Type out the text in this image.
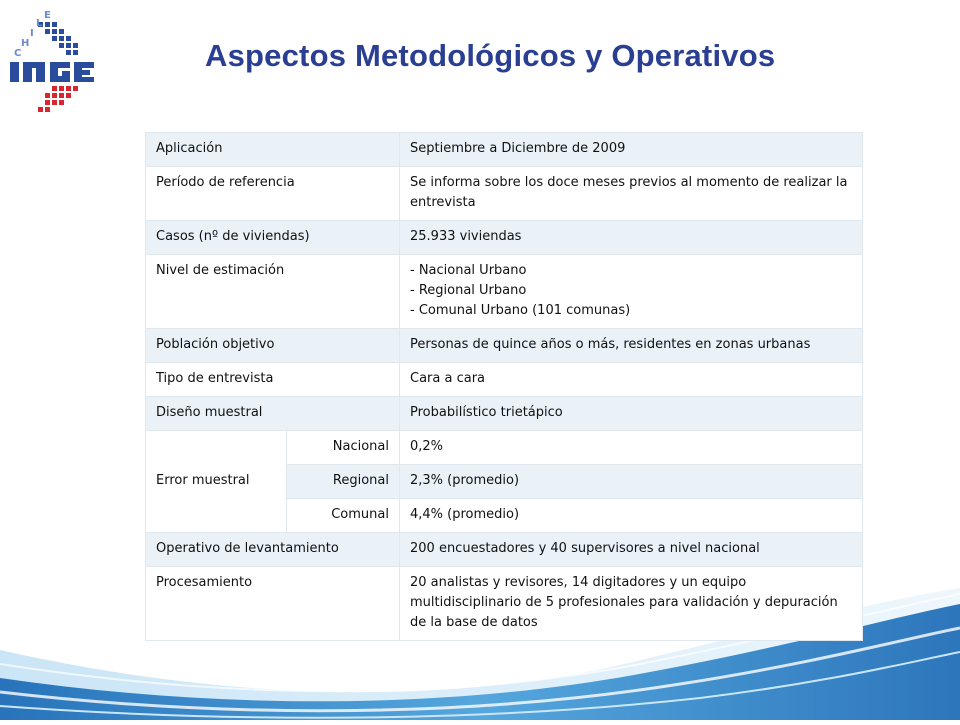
C
H
I
L
E
Aspectos Metodológicos y Operativos
Aplicación		Septiembre a Diciembre de 2009
Período de referencia		Se informa sobre los doce meses previos al momento de realizar la entrevista
Casos (nº de viviendas)		25.933 viviendas
Nivel de estimación		- Nacional Urbano
- Regional Urbano
- Comunal Urbano (101 comunas)
Población objetivo		Personas de quince años o más, residentes en zonas urbanas
Tipo de entrevista		Cara a cara
Diseño muestral		Probabilístico trietápico
Error muestral	Nacional	0,2%
	Regional	2,3% (promedio)
	Comunal	4,4% (promedio)
Operativo de levantamiento		200 encuestadores y 40 supervisores a nivel nacional
Procesamiento		20 analistas y revisores, 14 digitadores y un equipo multidisciplinario de 5 profesionales para validación y depuración de la base de datos
